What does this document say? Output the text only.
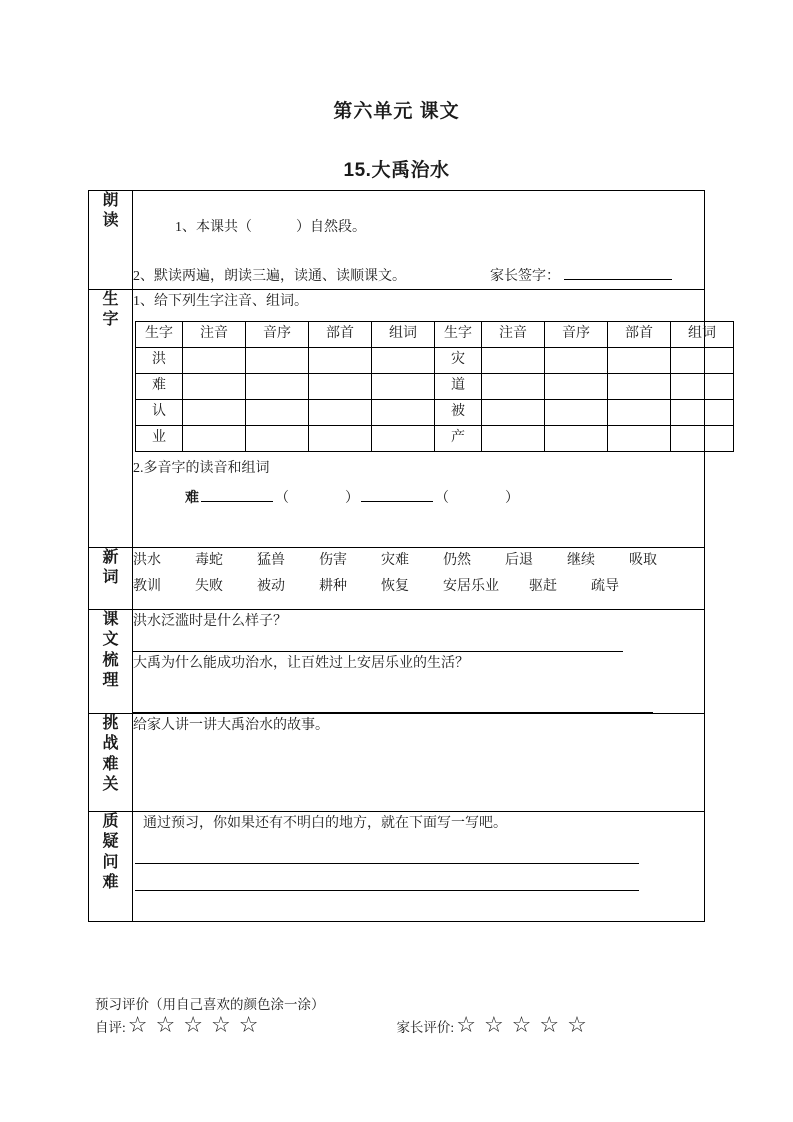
第六单元 课文
15.大禹治水
朗
读	1、本课共（	）自然段。

2、默读两遍，朗读三遍，读通、读顺课文。	家长签字：

生
字

1、给下列生字注音、组词。
生字	注音	音序	部首	组词	生字	注音	音序	部首	组词
洪					灾				
难					道				
认					被				
业					产				
2.多音字的读音和组词
难	（	）	（	）

新
词

洪水	毒蛇	猛兽	伤害	灾难	仍然	后退	继续	吸取
教训	失败	被动	耕种	恢复	安居乐业	驱赶	疏导

课
文
梳
理

洪水泛滥时是什么样子？
大禹为什么能成功治水，让百姓过上安居乐业的生活？

挑
战
难
关

给家人讲一讲大禹治水的故事。

质
疑
问
难

通过预习，你如果还有不明白的地方，就在下面写一写吧。
预习评价（用自己喜欢的颜色涂一涂）
自评: ☆ ☆ ☆ ☆ ☆	家长评价: ☆ ☆ ☆ ☆ ☆
